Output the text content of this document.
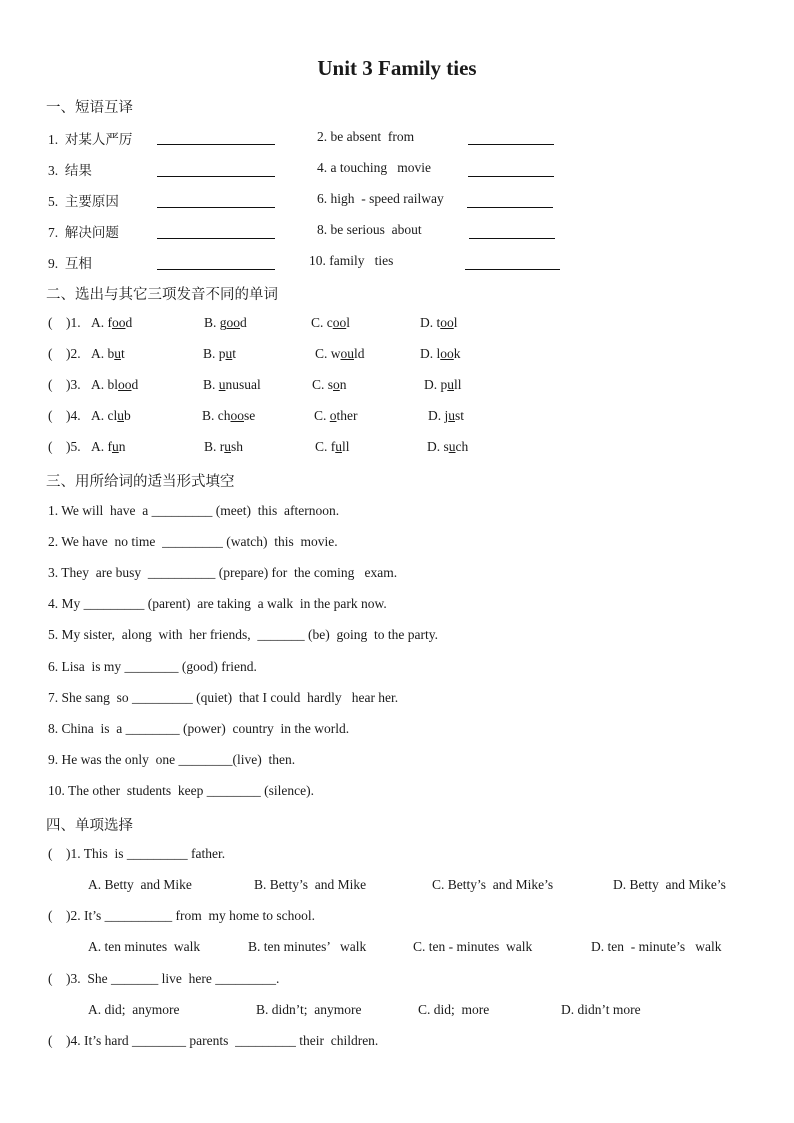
Unit 3 Family ties
一、短语互译
1.  对某人严厉	2. be absent  from
3.  结果	4. a touching   movie
5.  主要原因	6. high  - speed railway
7.  解决问题	8. be serious  about
9.  互相	10. family   ties
二、选出与其它三项发音不同的单词
(    )1. A. food	B. good	C. cool	D. tool
(    )2. A. but	B. put	C. would	D. look
(    )3. A. blood	B. unusual	C. son	D. pull
(    )4. A. club	B. choose	C. other	D. just
(    )5. A. fun	B. rush	C. full	D. such
三、用所给词的适当形式填空
1. We will  have  a _________ (meet)  this  afternoon.
2. We have  no time  _________ (watch)  this  movie.
3. They  are busy  __________ (prepare) for  the coming   exam.
4. My _________ (parent)  are taking  a walk  in the park now.
5. My sister,  along  with  her friends,  _______ (be)  going  to the party.
6. Lisa  is my ________ (good) friend.
7. She sang  so _________ (quiet)  that I could  hardly   hear her.
8. China  is  a ________ (power)  country  in the world.
9. He was the only  one ________(live)  then.
10. The other  students  keep ________ (silence).
四、单项选择
(    )1. This  is _________ father.
A. Betty  and Mike	B. Betty’s  and Mike	C. Betty’s  and Mike’s	D. Betty  and Mike’s
(    )2. It’s __________ from  my home to school.
A. ten minutes  walk	B. ten minutes’   walk	C. ten - minutes  walk	D. ten  - minute’s   walk
(    )3.  She _______ live  here _________.
A. did;  anymore	B. didn’t;  anymore	C. did;  more	D. didn’t more
(    )4. It’s hard ________ parents  _________ their  children.
